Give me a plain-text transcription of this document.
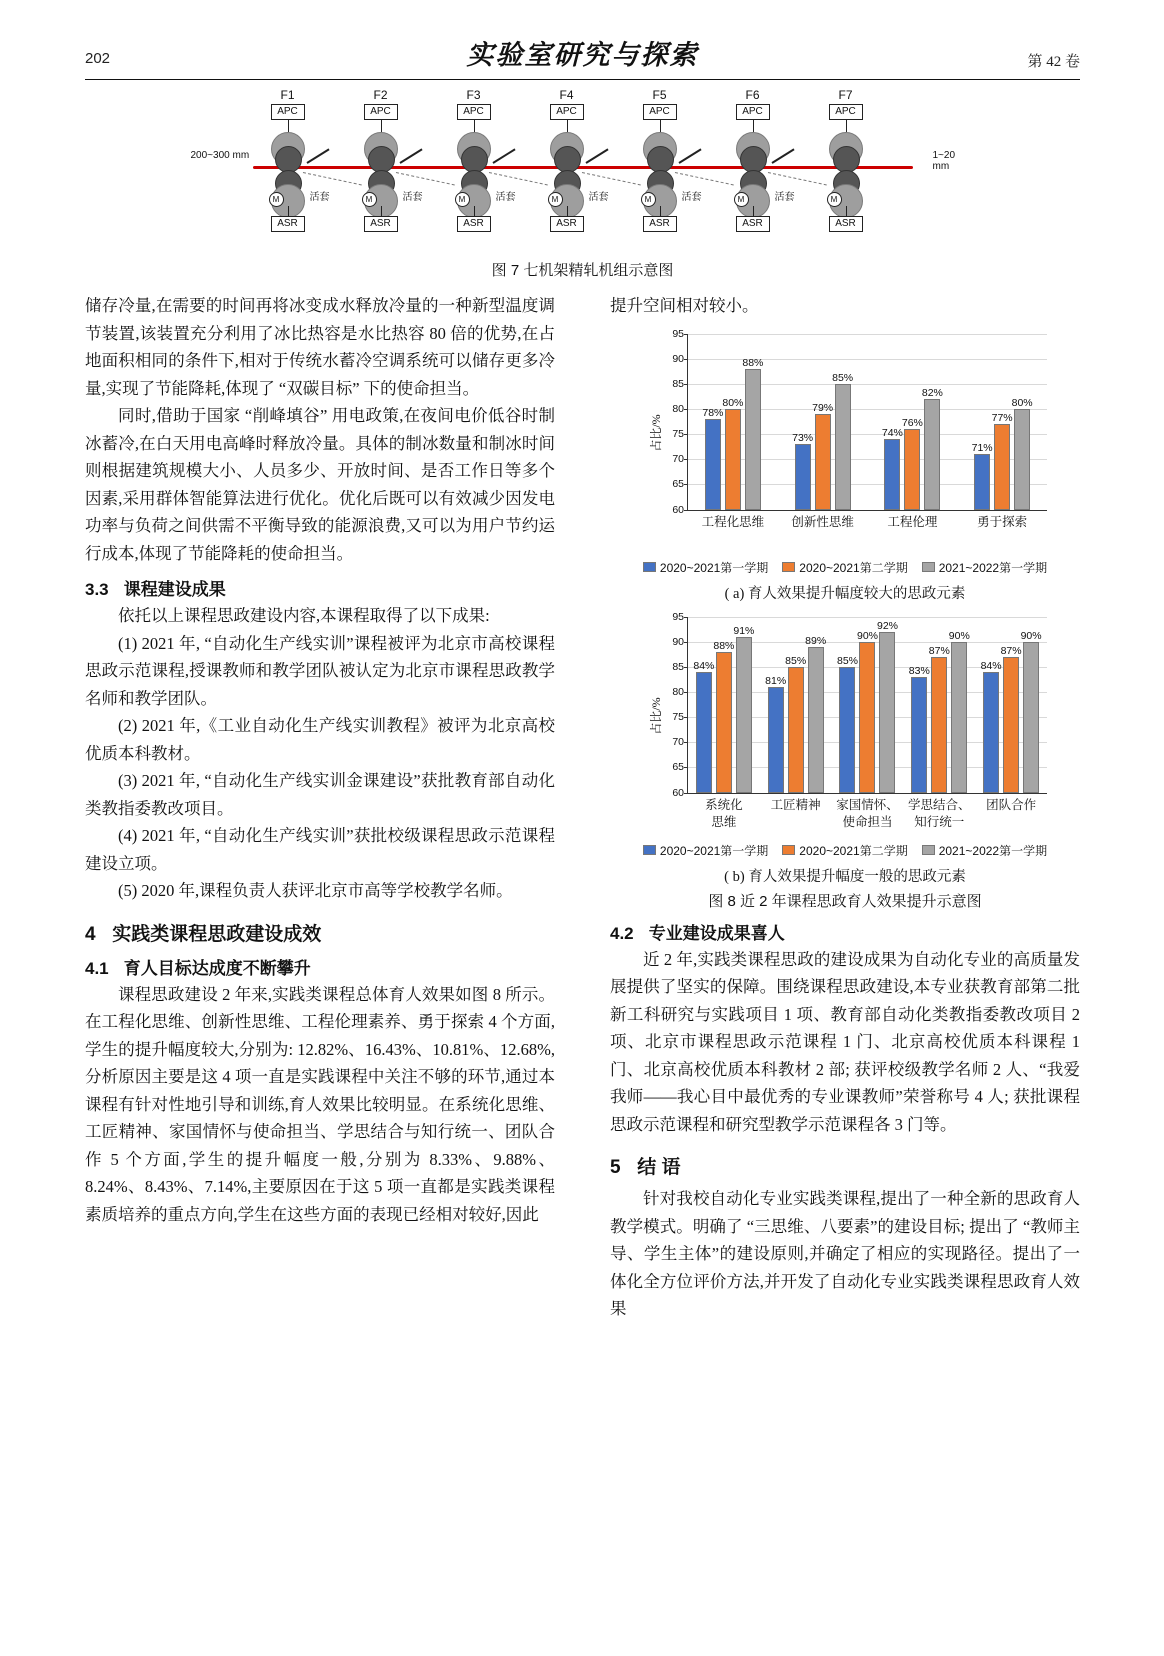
202	实验室研究与探索	第 42 卷
F1
APC
M
ASR
活套
F2
APC
M
ASR
活套
F3
APC
M
ASR
活套
F4
APC
M
ASR
活套
F5
APC
M
ASR
活套
F6
APC
M
ASR
活套
F7
APC
M
ASR
200~300 mm	1~20 mm
图 7 七机架精轧机组示意图

储存冷量,在需要的时间再将冰变成水释放冷量的一种新型温度调节装置,该装置充分利用了冰比热容是水比热容 80 倍的优势,在占地面积相同的条件下,相对于传统水蓄冷空调系统可以储存更多冷量,实现了节能降耗,体现了 “双碳目标” 下的使命担当。

同时,借助于国家 “削峰填谷” 用电政策,在夜间电价低谷时制冰蓄冷,在白天用电高峰时释放冷量。具体的制冰数量和制冰时间则根据建筑规模大小、人员多少、开放时间、是否工作日等多个因素,采用群体智能算法进行优化。优化后既可以有效减少因发电功率与负荷之间供需不平衡导致的能源浪费,又可以为用户节约运行成本,体现了节能降耗的使命担当。

3.3 课程建设成果

依托以上课程思政建设内容,本课程取得了以下成果:

(1) 2021 年, “自动化生产线实训”课程被评为北京市高校课程思政示范课程,授课教师和教学团队被认定为北京市课程思政教学名师和教学团队。

(2) 2021 年,《工业自动化生产线实训教程》被评为北京高校优质本科教材。

(3) 2021 年, “自动化生产线实训金课建设”获批教育部自动化类教指委教改项目。

(4) 2021 年, “自动化生产线实训”获批校级课程思政示范课程建设立项。

(5) 2020 年,课程负责人获评北京市高等学校教学名师。

4 实践类课程思政建设成效
4.1 育人目标达成度不断攀升

课程思政建设 2 年来,实践类课程总体育人效果如图 8 所示。在工程化思维、创新性思维、工程伦理素养、勇于探索 4 个方面,学生的提升幅度较大,分别为: 12.82%、16.43%、10.81%、12.68%,分析原因主要是这 4 项一直是实践课程中关注不够的环节,通过本课程有针对性地引导和训练,育人效果比较明显。在系统化思维、工匠精神、家国情怀与使命担当、学思结合与知行统一、团队合作 5 个方面,学生的提升幅度一般,分别为 8.33%、9.88%、8.24%、8.43%、7.14%,主要原因在于这 5 项一直都是实践类课程素质培养的重点方向,学生在这些方面的表现已经相对较好,因此

提升空间相对较小。

60
65
70
75
80
85
90
95
78%
80%
88%
工程化思维
73%
79%
85%
创新性思维
74%
76%
82%
工程伦理
71%
77%
80%
勇于探索
占比/%
2020~2021第一学期	2020~2021第二学期	2021~2022第一学期
( a) 育人效果提升幅度较大的思政元素
60
65
70
75
80
85
90
95
84%
88%
91%
系统化
思维
81%
85%
89%
工匠精神
85%
90%
92%
家国情怀、
使命担当
83%
87%
90%
学思结合、
知行统一
84%
87%
90%
团队合作
占比/%
2020~2021第一学期	2020~2021第二学期	2021~2022第一学期
( b) 育人效果提升幅度一般的思政元素
图 8 近 2 年课程思政育人效果提升示意图
4.2 专业建设成果喜人

近 2 年,实践类课程思政的建设成果为自动化专业的高质量发展提供了坚实的保障。围绕课程思政建设,本专业获教育部第二批新工科研究与实践项目 1 项、教育部自动化类教指委教改项目 2 项、北京市课程思政示范课程 1 门、北京高校优质本科课程 1 门、北京高校优质本科教材 2 部; 获评校级教学名师 2 人、“我爱我师——我心目中最优秀的专业课教师”荣誉称号 4 人; 获批课程思政示范课程和研究型教学示范课程各 3 门等。

5 结 语

针对我校自动化专业实践类课程,提出了一种全新的思政育人教学模式。明确了 “三思维、八要素”的建设目标; 提出了 “教师主导、学生主体”的建设原则,并确定了相应的实现路径。提出了一体化全方位评价方法,并开发了自动化专业实践类课程思政育人效果
